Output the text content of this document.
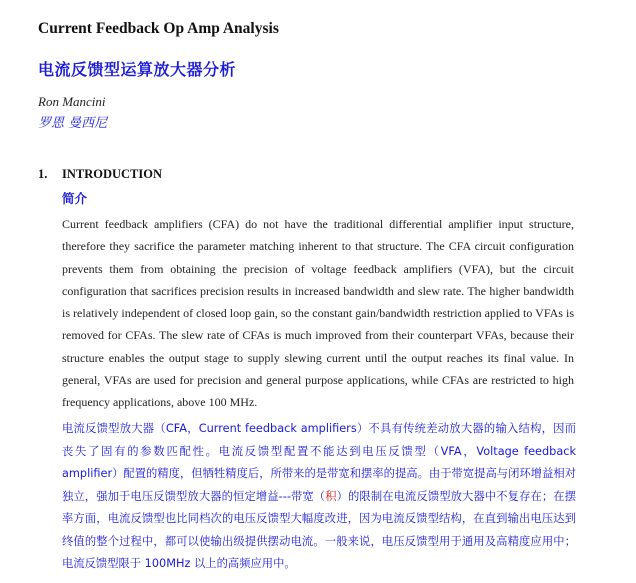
Current Feedback Op Amp Analysis
电流反馈型运算放大器分析
Ron Mancini
罗恩 曼西尼
1. INTRODUCTION
简介

Current feedback amplifiers (CFA) do not have the traditional differential amplifier input structure, therefore they sacrifice the parameter matching inherent to that structure. The CFA circuit configuration prevents them from obtaining the precision of voltage feedback amplifiers (VFA), but the circuit configuration that sacrifices precision results in increased bandwidth and slew rate. The higher bandwidth is relatively independent of closed loop gain, so the constant gain/bandwidth restriction applied to VFAs is removed for CFAs. The slew rate of CFAs is much improved from their counterpart VFAs, because their structure enables the output stage to supply slewing current until the output reaches its final value. In general, VFAs are used for precision and general purpose applications, while CFAs are restricted to high frequency applications, above 100 MHz.

电流反馈型放大器（CFA，Current feedback amplifiers）不具有传统差动放大器的输入结构，因而丧失了固有的参数匹配性。电流反馈型配置不能达到电压反馈型（VFA，Voltage feedback amplifier）配置的精度，但牺牲精度后，所带来的是带宽和摆率的提高。由于带宽提高与闭环增益相对独立，强加于电压反馈型放大器的恒定增益---带宽（积）的限制在电流反馈型放大器中不复存在；在摆率方面，电流反馈型也比同档次的电压反馈型大幅度改进，因为电流反馈型结构，在直到输出电压达到终值的整个过程中，都可以使输出级提供摆动电流。一般来说，电压反馈型用于通用及高精度应用中；电流反馈型限于 100MHz 以上的高频应用中。
